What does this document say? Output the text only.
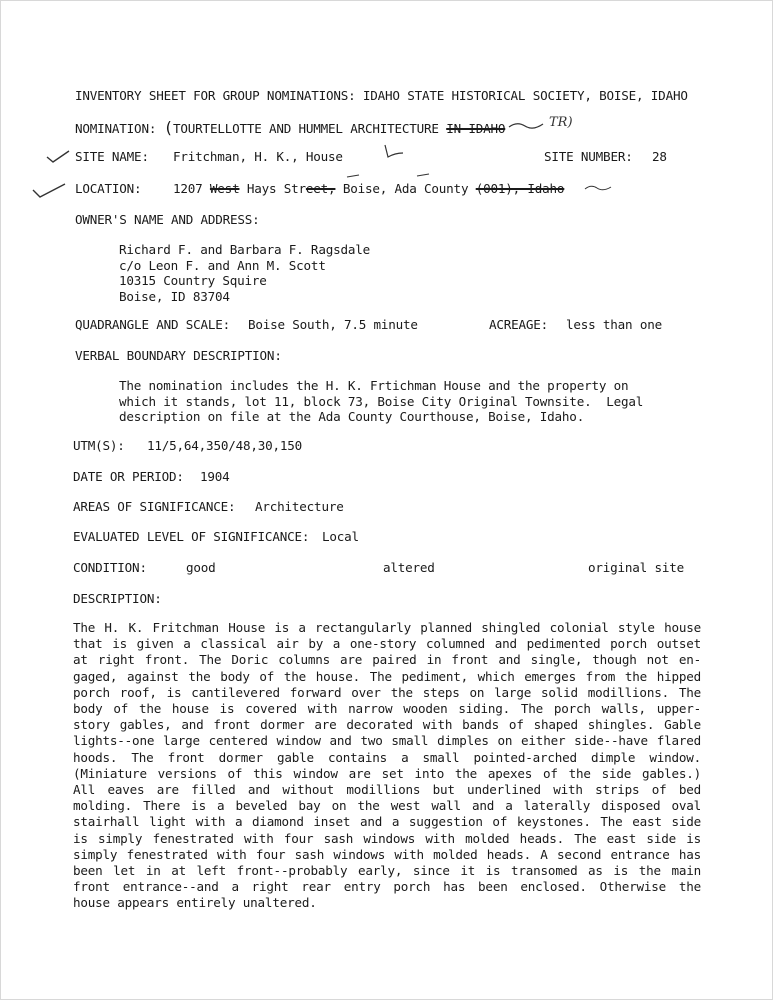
INVENTORY SHEET FOR GROUP NOMINATIONS: IDAHO STATE HISTORICAL SOCIETY, BOISE, IDAHO
NOMINATION: (TOURTELLOTTE AND HUMMEL ARCHITECTURE IN IDAHO	TR)
SITE NAME: Fritchman, H. K., House	SITE NUMBER: 28
LOCATION:	1207 West Hays Street, Boise, Ada County (001), Idaho
OWNER'S NAME AND ADDRESS:
Richard F. and Barbara F. Ragsdale
c/o Leon F. and Ann M. Scott
10315 Country Squire
Boise, ID 83704
QUADRANGLE AND SCALE: Boise South, 7.5 minute	ACREAGE: less than one
VERBAL BOUNDARY DESCRIPTION:
The nomination includes the H. K. Frtichman House and the property on
which it stands, lot 11, block 73, Boise City Original Townsite.  Legal
description on file at the Ada County Courthouse, Boise, Idaho.
UTM(S): 11/5,64,350/48,30,150
DATE OR PERIOD: 1904
AREAS OF SIGNIFICANCE: Architecture
EVALUATED LEVEL OF SIGNIFICANCE: Local
CONDITION:	good	altered	original site
DESCRIPTION:
The H. K. Fritchman House is a rectangularly planned shingled colonial style house
that is given a classical air by a one-story columned and pedimented porch outset
at right front. The Doric columns are paired in front and single, though not en-
gaged, against the body of the house. The pediment, which emerges from the hipped
porch roof, is cantilevered forward over the steps on large solid modillions. The
body of the house is covered with narrow wooden siding. The porch walls, upper-
story gables, and front dormer are decorated with bands of shaped shingles. Gable
lights--one large centered window and two small dimples on either side--have flared
hoods. The front dormer gable contains a small pointed-arched dimple window.
(Miniature versions of this window are set into the apexes of the side gables.)
All eaves are filled and without modillions but underlined with strips of bed
molding. There is a beveled bay on the west wall and a laterally disposed oval
stairhall light with a diamond inset and a suggestion of keystones. The east side
is simply fenestrated with four sash windows with molded heads. The east side is
simply fenestrated with four sash windows with molded heads. A second entrance has
been let in at left front--probably early, since it is transomed as is the main
front entrance--and a right rear entry porch has been enclosed. Otherwise the
house appears entirely unaltered.
